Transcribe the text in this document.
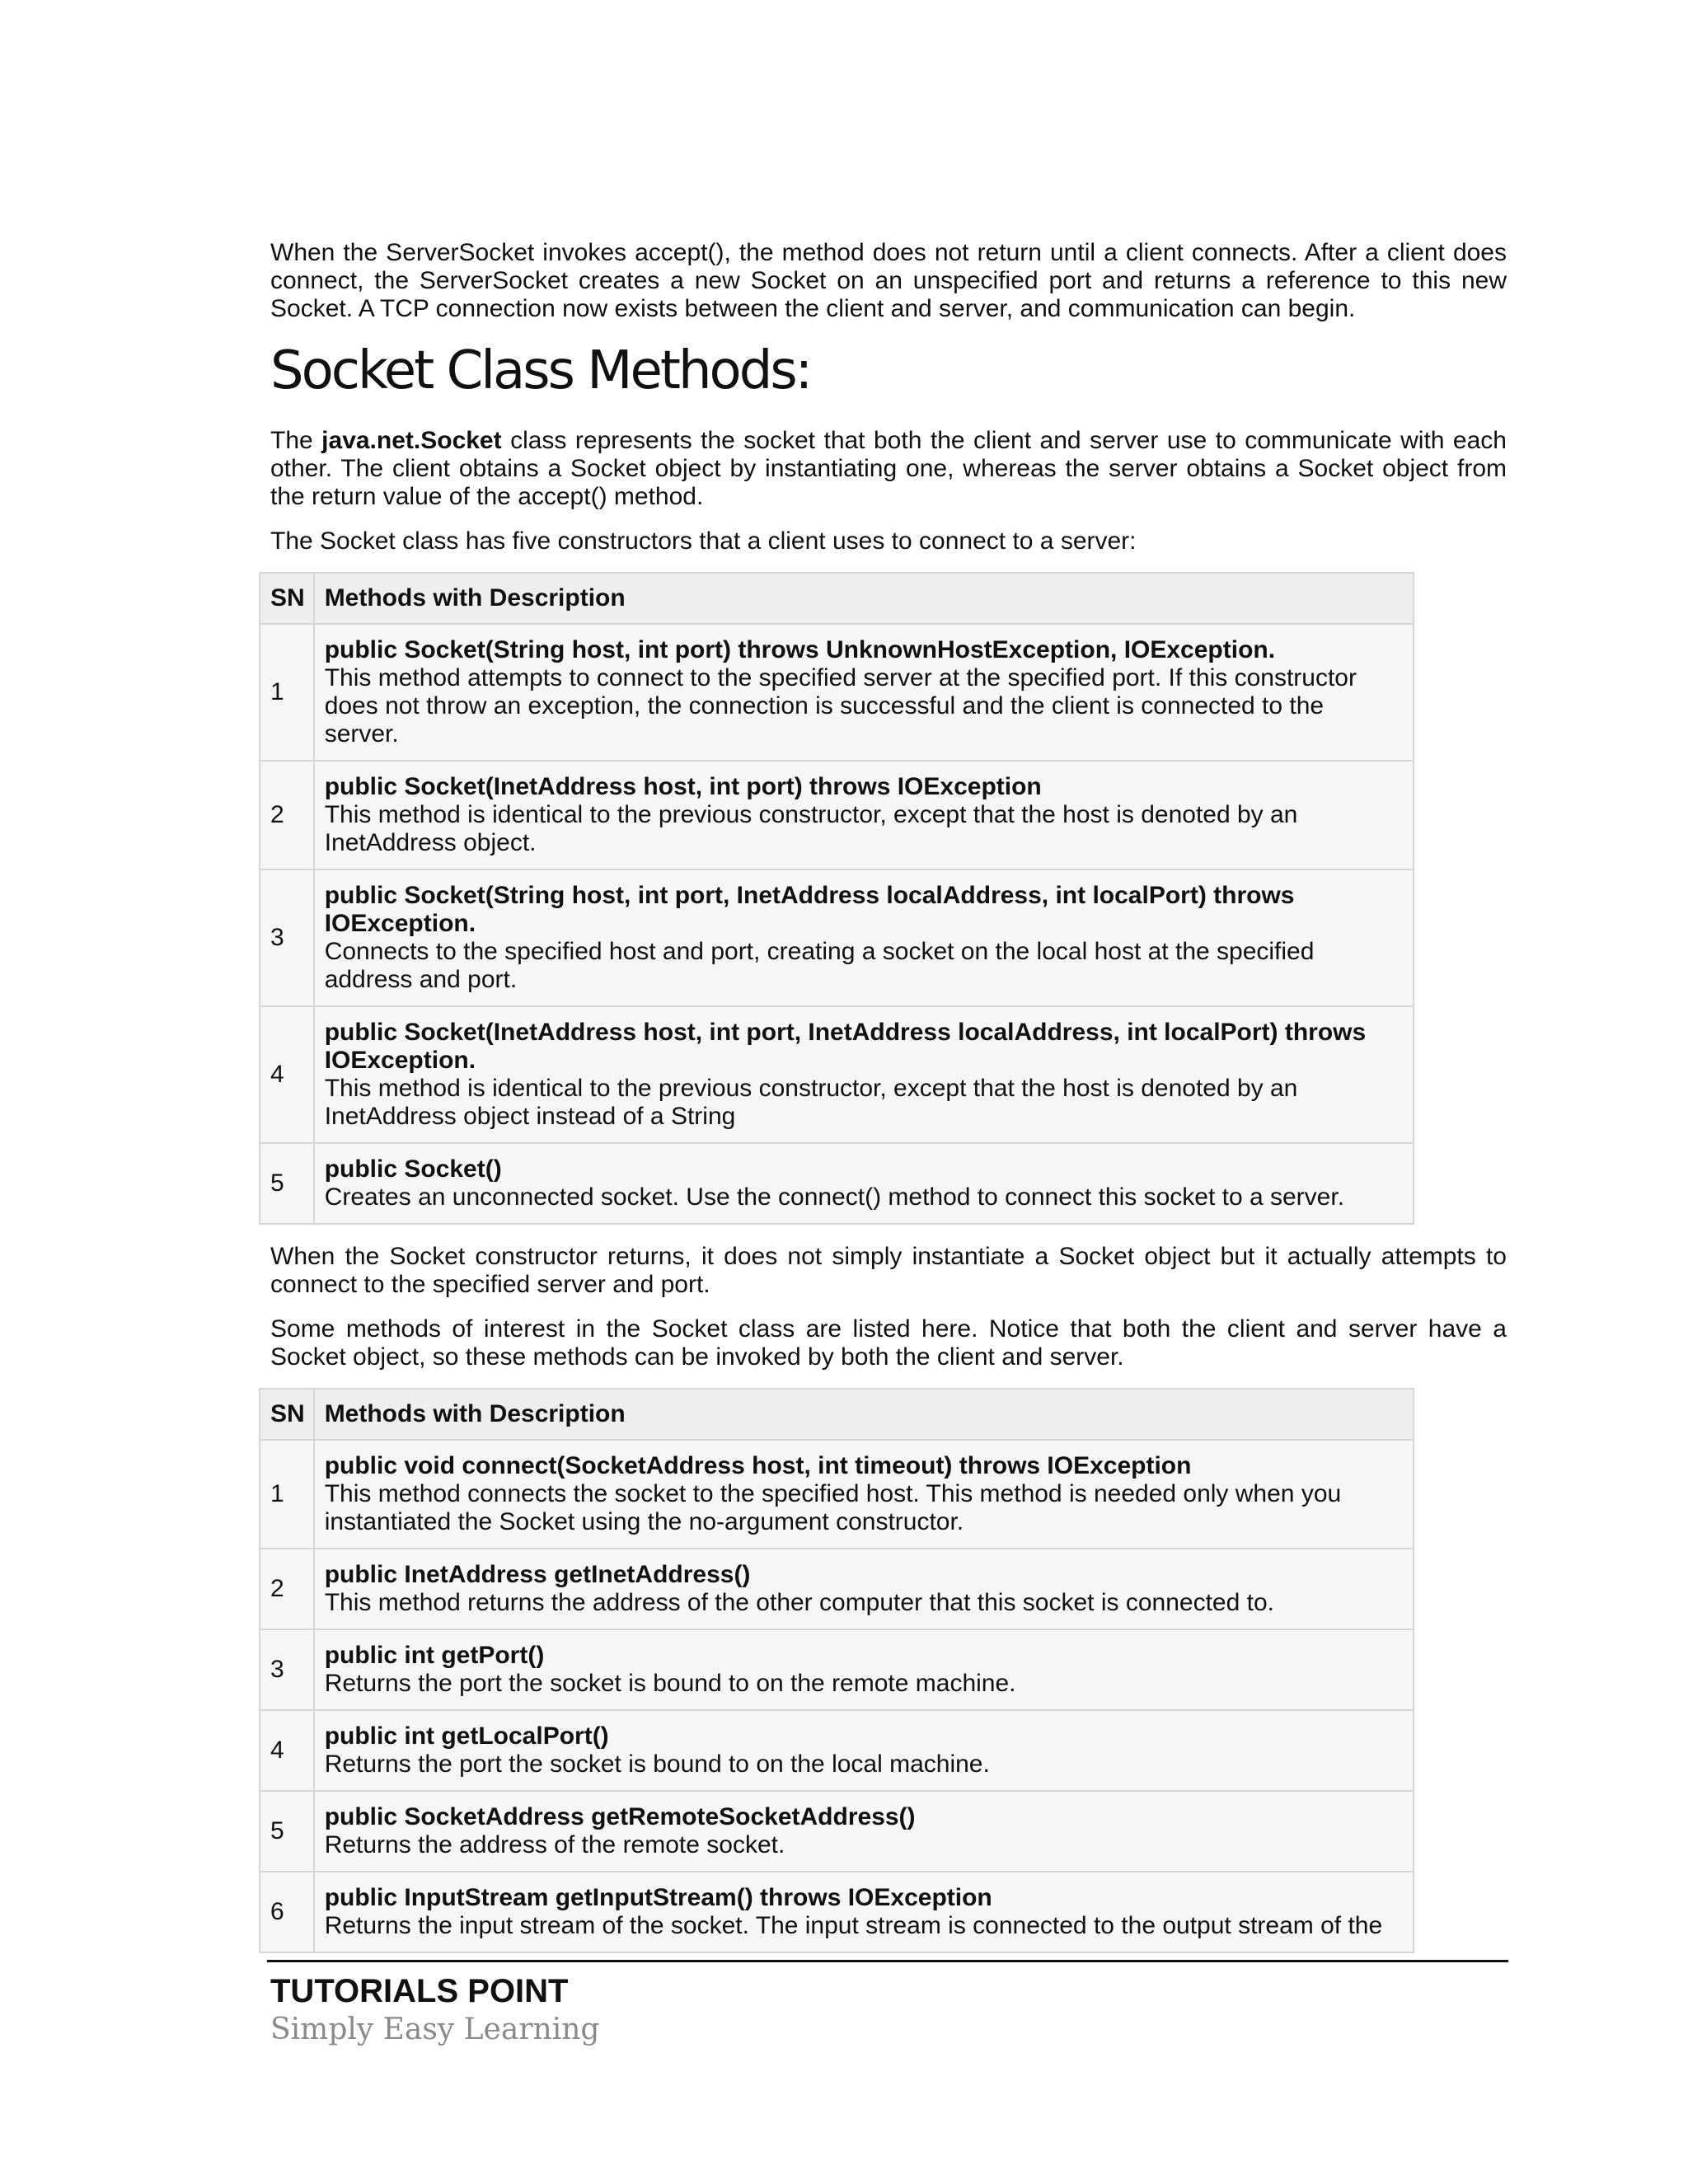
When the ServerSocket invokes accept(), the method does not return until a client connects. After a client does connect, the ServerSocket creates a new Socket on an unspecified port and returns a reference to this new Socket. A TCP connection now exists between the client and server, and communication can begin.

Socket Class Methods:

The java.net.Socket class represents the socket that both the client and server use to communicate with each other. The client obtains a Socket object by instantiating one, whereas the server obtains a Socket object from the return value of the accept() method.

The Socket class has five constructors that a client uses to connect to a server:

SN	Methods with Description
1	public Socket(String host, int port) throws UnknownHostException, IOException.
This method attempts to connect to the specified server at the specified port. If this constructor does not throw an exception, the connection is successful and the client is connected to the server.

2	public Socket(InetAddress host, int port) throws IOException
This method is identical to the previous constructor, except that the host is denoted by an InetAddress object.

3	public Socket(String host, int port, InetAddress localAddress, int localPort) throws IOException.
Connects to the specified host and port, creating a socket on the local host at the specified address and port.

4	public Socket(InetAddress host, int port, InetAddress localAddress, int localPort) throws IOException.
This method is identical to the previous constructor, except that the host is denoted by an InetAddress object instead of a String

5	public Socket()
Creates an unconnected socket. Use the connect() method to connect this socket to a server.

When the Socket constructor returns, it does not simply instantiate a Socket object but it actually attempts to connect to the specified server and port.

Some methods of interest in the Socket class are listed here. Notice that both the client and server have a Socket object, so these methods can be invoked by both the client and server.

SN	Methods with Description
1	public void connect(SocketAddress host, int timeout) throws IOException
This method connects the socket to the specified host. This method is needed only when you instantiated the Socket using the no-argument constructor.

2	public InetAddress getInetAddress()
This method returns the address of the other computer that this socket is connected to.

3	public int getPort()
Returns the port the socket is bound to on the remote machine.

4	public int getLocalPort()
Returns the port the socket is bound to on the local machine.

5	public SocketAddress getRemoteSocketAddress()
Returns the address of the remote socket.

6	public InputStream getInputStream() throws IOException
Returns the input stream of the socket. The input stream is connected to the output stream of the
TUTORIALS POINT
Simply Easy Learning
